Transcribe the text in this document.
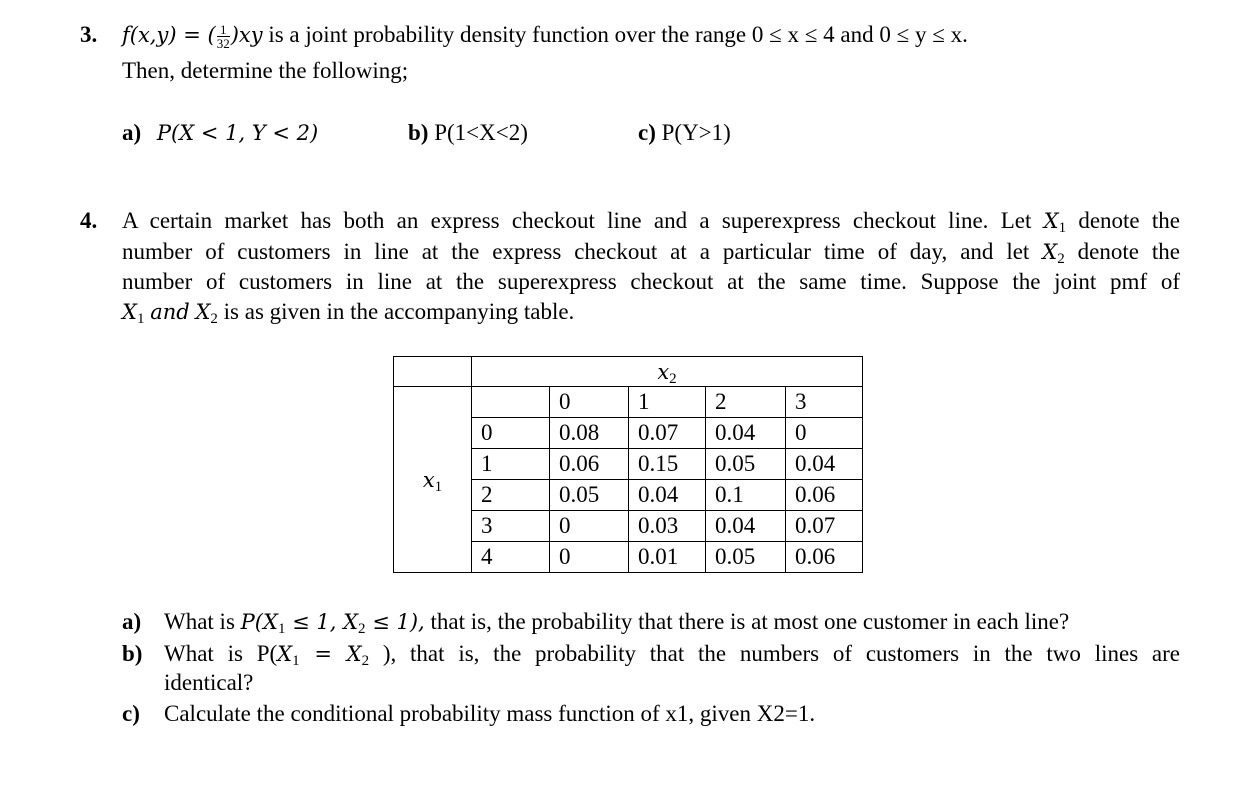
3. f(x,y) = ( $\frac{1}{32} )xy$ is a joint probability density function over the range 0 ≤ x ≤ 4 and 0 ≤ y ≤ x.
Then, determine the following;
a) P(X < 1, Y < 2)	b) P(1<X<2)	c) P(Y>1)
4. A certain market has both an express checkout line and a superexpress checkout line. Let $X_1$ denote the
number of customers in line at the express checkout at a particular time of day, and let $X_2$ denote the
number of customers in line at the superexpress checkout at the same time. Suppose the joint pmf of
$X_1$ and $X_2$ is as given in the accompanying table.
	$x_2$
$x_1$		0	1	2	3
	0	0.08	0.07	0.04	0
	1	0.06	0.15	0.05	0.04
	2	0.05	0.04	0.1	0.06
	3	0	0.03	0.04	0.07
	4	0	0.01	0.05	0.06
a) What is $P(X_1 \le 1$, $X_2 \le 1$), that is, the probability that there is at most one customer in each line?
b) What is $P(X_1 = X_2$ ), that is, the probability that the numbers of customers in the two lines are
identical?
c) Calculate the conditional probability mass function of x1, given X2=1.
